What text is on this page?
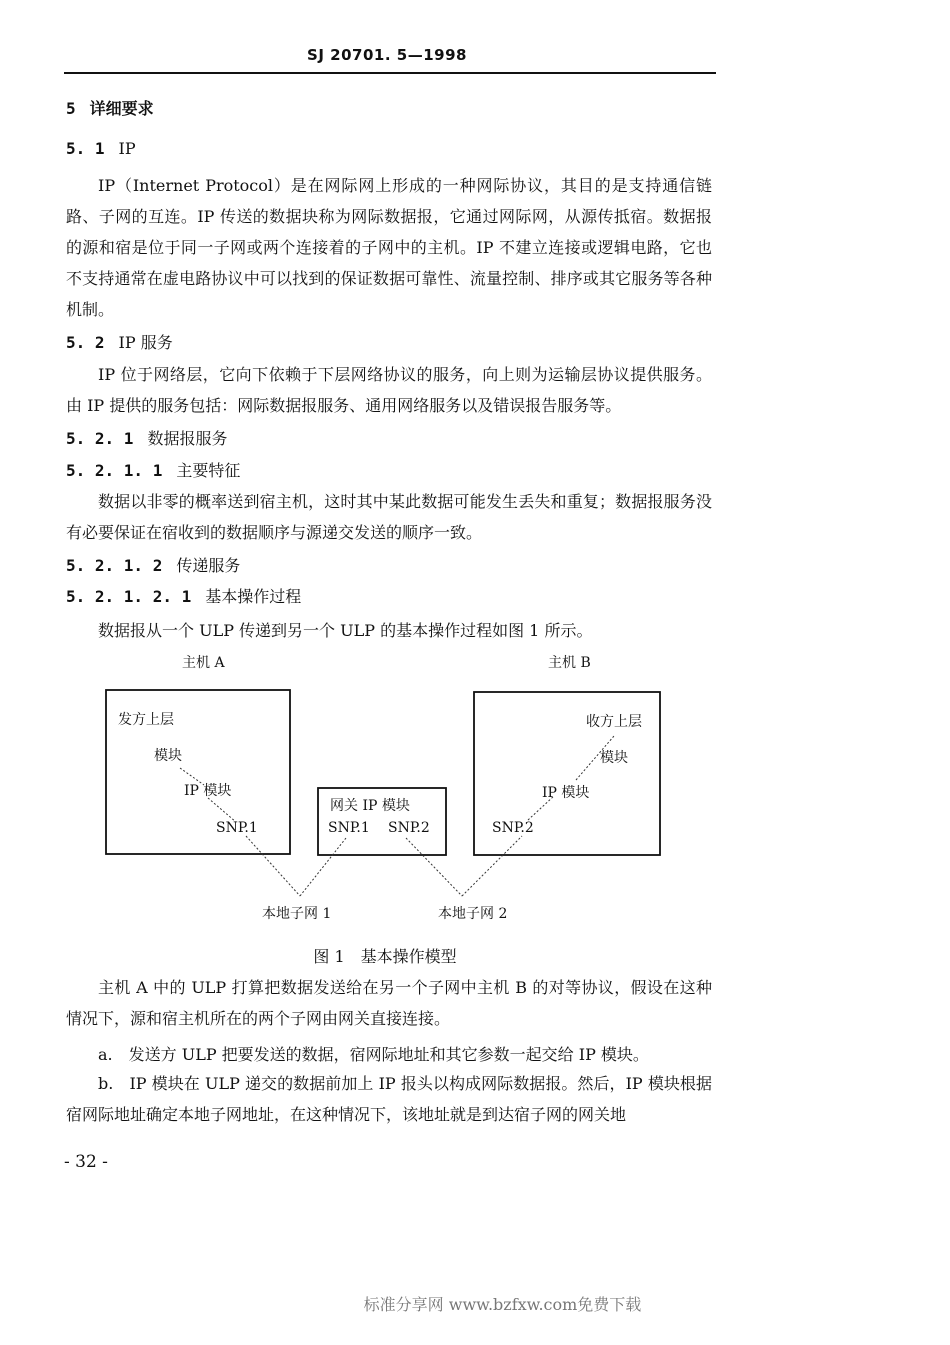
SJ 20701. 5—1998
5 详细要求
5. 1 IP
IP（Internet Protocol）是在网际网上形成的一种网际协议，其目的是支持通信链路、子网的互连。IP 传送的数据块称为网际数据报，它通过网际网，从源传抵宿。数据报的源和宿是位于同一子网或两个连接着的子网中的主机。IP 不建立连接或逻辑电路，它也不支持通常在虚电路协议中可以找到的保证数据可靠性、流量控制、排序或其它服务等各种机制。
5. 2 IP 服务
IP 位于网络层，它向下依赖于下层网络协议的服务，向上则为运输层协议提供服务。由 IP 提供的服务包括：网际数据报服务、通用网络服务以及错误报告服务等。
5. 2. 1 数据报服务
5. 2. 1. 1 主要特征
数据以非零的概率送到宿主机，这时其中某此数据可能发生丢失和重复；数据报服务没有必要保证在宿收到的数据顺序与源递交发送的顺序一致。
5. 2. 1. 2 传递服务
5. 2. 1. 2. 1 基本操作过程
数据报从一个 ULP 传递到另一个 ULP 的基本操作过程如图 1 所示。
主机 A	主机 B
发方上层
模块
IP 模块
SNP.1
网关 IP 模块
SNP.1 SNP.2
收方上层
模块
IP 模块
SNP.2
本地子网 1	本地子网 2
图 1　基本操作模型
主机 A 中的 ULP 打算把数据发送给在另一个子网中主机 B 的对等协议，假设在这种情况下，源和宿主机所在的两个子网由网关直接连接。
a.　发送方 ULP 把要发送的数据，宿网际地址和其它参数一起交给 IP 模块。
b.　IP 模块在 ULP 递交的数据前加上 IP 报头以构成网际数据报。然后，IP 模块根据宿网际地址确定本地子网地址，在这种情况下，该地址就是到达宿子网的网关地
- 32 -
标准分享网 www.bzfxw.com免费下载
